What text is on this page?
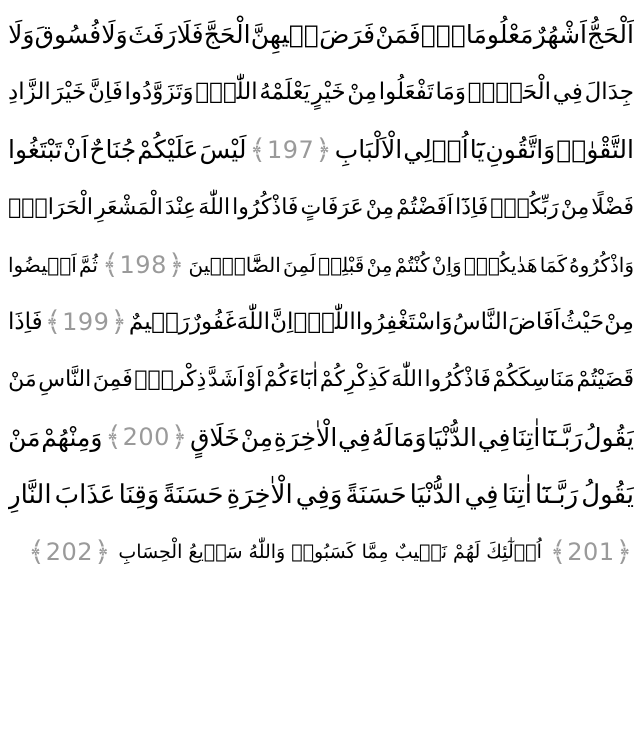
اَلْحَجُّ
اَشْهُرٌ
مَعْلُومَاتٌۚ
فَمَنْ
فَرَضَ
ف۪يهِنَّ
الْحَجَّ
فَلَا
رَفَثَ
وَلَا
فُسُوقَ
وَلَا
جِدَالَ
فِي
الْحَجِّۜ
وَمَا
تَفْعَلُوا
مِنْ
خَيْرٍ
يَعْلَمْهُ
اللّٰهُۜ
وَتَزَوَّدُوا
فَاِنَّ
خَيْرَ
الزَّادِ
التَّقْوٰىۘ
وَاتَّقُونِ
يَٓا
اُو۬لِي
الْاَلْبَابِ
﴾ 197 ﴿
لَيْسَ
عَلَيْكُمْ
جُنَاحٌ
اَنْ
تَبْتَغُوا
فَضْلًا
مِنْ
رَبِّكُمْۜ
فَاِذَٓا
اَفَضْتُمْ
مِنْ
عَرَفَاتٍ
فَاذْكُرُوا
اللّٰهَ
عِنْدَ
الْمَشْعَرِ
الْحَرَامِۖ
وَاذْكُرُوهُ
كَمَا
هَدٰيكُمْۚ
وَاِنْ
كُنْتُمْ
مِنْ
قَبْلِه۪
لَمِنَ
الضَّٓالّ۪ينَ
﴾ 198 ﴿
ثُمَّ
اَف۪يضُوا
مِنْ
حَيْثُ
اَفَاضَ
النَّاسُ
وَاسْتَغْفِرُوا
اللّٰهَۜ
اِنَّ
اللّٰهَ
غَفُورٌ
رَح۪يمٌ
﴾ 199 ﴿
فَاِذَا
قَضَيْتُمْ
مَنَاسِكَكُمْ
فَاذْكُرُوا
اللّٰهَ
كَذِكْرِكُمْ
اٰبَٓاءَكُمْ
اَوْ
اَشَدَّ
ذِكْراًۜ
فَمِنَ
النَّاسِ
مَنْ
يَقُولُ
رَبَّـنَٓا
اٰتِنَا
فِي
الدُّنْيَا
وَمَا
لَهُ
فِي
الْاٰخِرَةِ
مِنْ
خَلَاقٍ
﴾ 200 ﴿
وَمِنْهُمْ
مَنْ
يَقُولُ
رَبَّـنَٓا
اٰتِنَا
فِي
الدُّنْيَا
حَسَنَةً
وَفِي
الْاٰخِرَةِ
حَسَنَةً
وَقِنَا
عَذَابَ
النَّارِ
﴾ 201 ﴿
اُو۬لٰٓئِكَ
لَهُمْ
نَص۪يبٌ
مِمَّا
كَسَبُواۜ
وَاللّٰهُ
سَر۪يعُ
الْحِسَابِ
﴾ 202 ﴿
